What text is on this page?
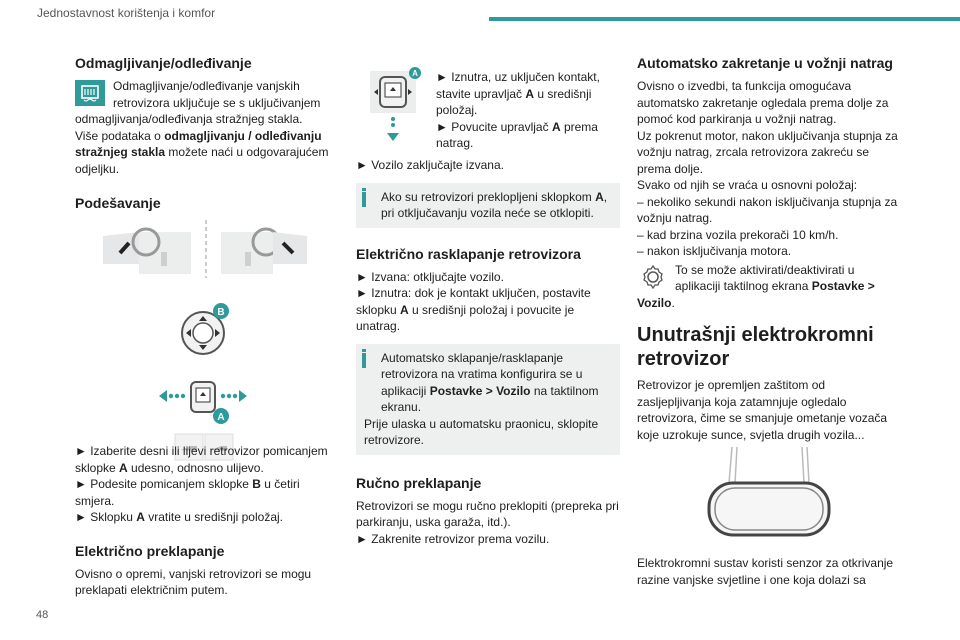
Jednostavnost korištenja i komfor
48
Odmagljivanje/odleđivanje

Odmagljivanje/odleđivanje vanjskih retrovizora uključuje se s uključivanjem odmagljivanja/odleđivanja stražnjeg stakla.

Više podataka o odmagljivanju / odleđivanju stražnjeg stakla možete naći u odgovarajućem odjeljku.

Podešavanje
B
A

► Izaberite desni ili lijevi retrovizor pomicanjem sklopke A udesno, odnosno ulijevo.

► Podesite pomicanjem sklopke B u četiri smjera.

► Sklopku A vratite u središnji položaj.

Električno preklapanje

Ovisno o opremi, vanjski retrovizori se mogu preklapati električnim putem.

A ► Iznutra, uz uključen kontakt, stavite upravljač A u središnji položaj.

► Povucite upravljač A prema natrag.

► Vozilo zaključajte izvana.

Ako su retrovizori preklopljeni sklopkom A, pri otključavanju vozila neće se otklopiti.

Električno rasklapanje retrovizora

► Izvana: otključajte vozilo.

► Iznutra: dok je kontakt uključen, postavite sklopku A u središnji položaj i povucite je unatrag.

Automatsko sklapanje/rasklapanje retrovizora na vratima konfigurira se u aplikaciji Postavke > Vozilo na taktilnom ekranu.

Prije ulaska u automatsku praonicu, sklopite retrovizore.

Ručno preklapanje

Retrovizori se mogu ručno preklopiti (prepreka pri parkiranju, uska garaža, itd.).

► Zakrenite retrovizor prema vozilu.

Automatsko zakretanje u vožnji natrag

Ovisno o izvedbi, ta funkcija omogućava automatsko zakretanje ogledala prema dolje za pomoć kod parkiranja u vožnji natrag.

Uz pokrenut motor, nakon uključivanja stupnja za vožnju natrag, zrcala retrovizora zakreću se prema dolje.

Svako od njih se vraća u osnovni položaj:

– nekoliko sekundi nakon isključivanja stupnja za vožnju natrag.

– kad brzina vozila prekorači 10 km/h.

– nakon isključivanja motora.

To se može aktivirati/deaktivirati u aplikaciji taktilnog ekrana Postavke > Vozilo.

Unutrašnji elektrokromni retrovizor

Retrovizor je opremljen zaštitom od zasljepljivanja koja zatamnjuje ogledalo retrovizora, čime se smanjuje ometanje vozača koje uzrokuje sunce, svjetla drugih vozila...

Elektrokromni sustav koristi senzor za otkrivanje razine vanjske svjetline i one koja dolazi sa
